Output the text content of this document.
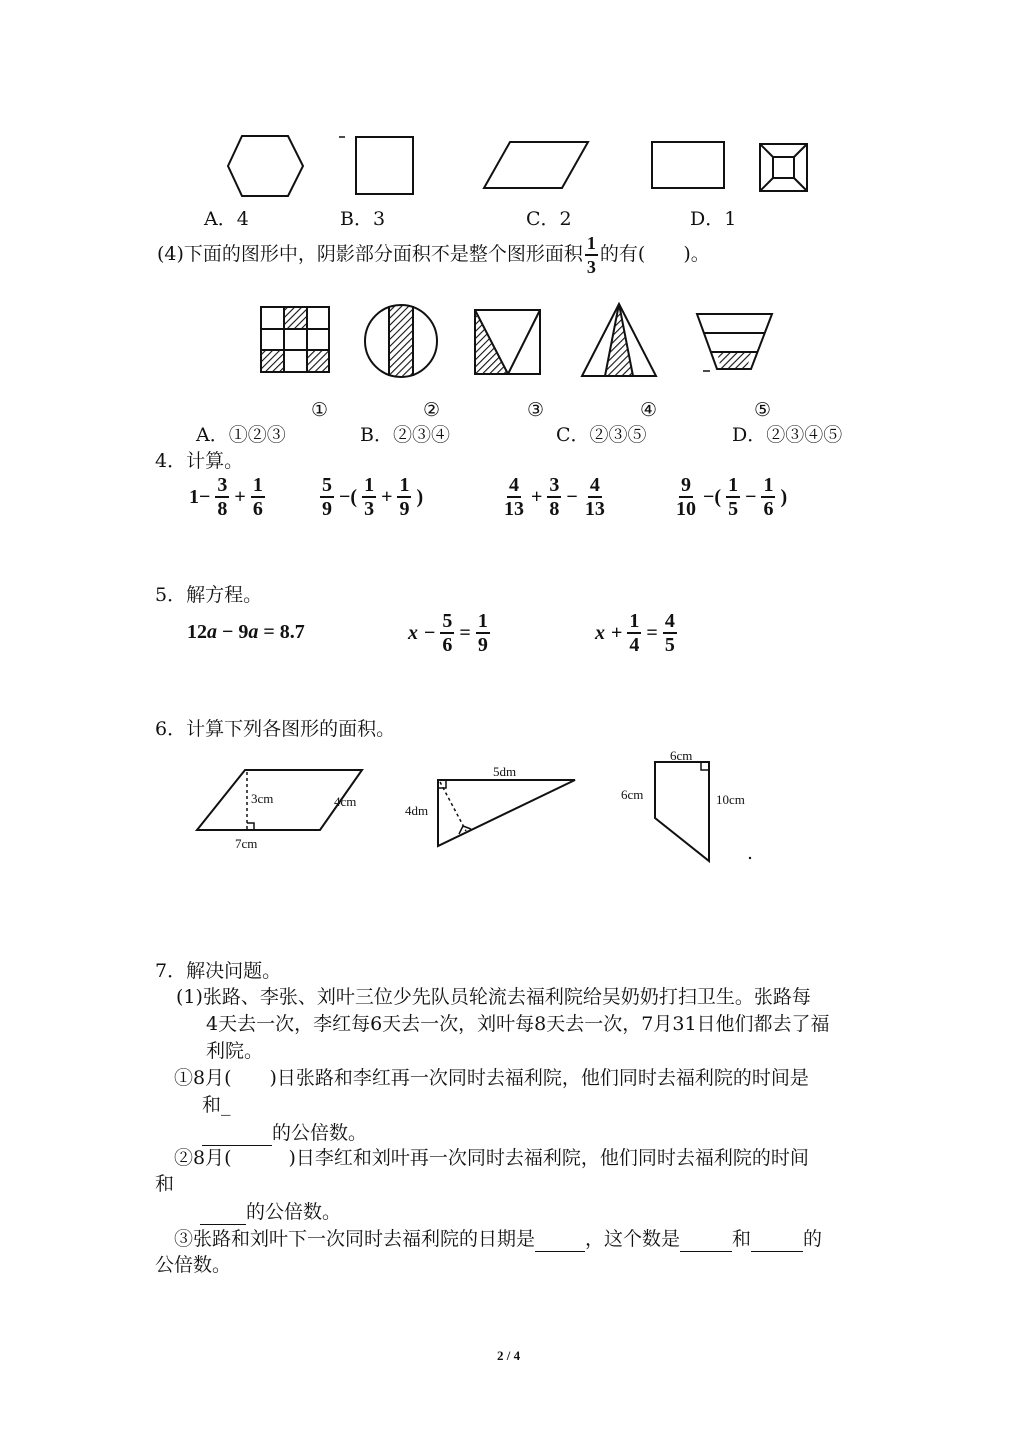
A．4	B．3	C．2	D．1
(4)下面的图形中，阴影部分面积不是整个图形面积 $\frac{1}{3}$ 的有(　　)。
①	②	③	④	⑤
A．①②③	B．②③④	C．②③⑤	D．②③④⑤
4．计算。
$1- \frac{3}{8} + \frac{1}{6}$	$\frac{5}{9}$ −( $\frac{1}{3} + \frac{1}{9}$ )	$\frac{4}{13} + \frac{3}{8} - \frac{4}{13}$	$\frac{9}{10}$ −( $\frac{1}{5} - \frac{1}{6}$ )
5．解方程。
12a − 9a = 8.7	$x - \frac{5}{6} = \frac{1}{9}$	$x + \frac{1}{4} = \frac{4}{5}$
6．计算下列各图形的面积。
3cm	4cm
7cm
5dm
4dm
6cm
6cm	10cm
7．解决问题。
(1)张路、李张、刘叶三位少先队员轮流去福利院给吴奶奶打扫卫生。张路每
4天去一次，李红每6天去一次，刘叶每8天去一次，7月31日他们都去了福
利院。
①8月(　　)日张路和李红再一次同时去福利院，他们同时去福利院的时间是
和_
的公倍数。
②8月(　　　)日李红和刘叶再一次同时去福利院，他们同时去福利院的时间
和
的公倍数。
③张路和刘叶下一次同时去福利院的日期是	，这个数是	和	的
公倍数。
2 / 4
